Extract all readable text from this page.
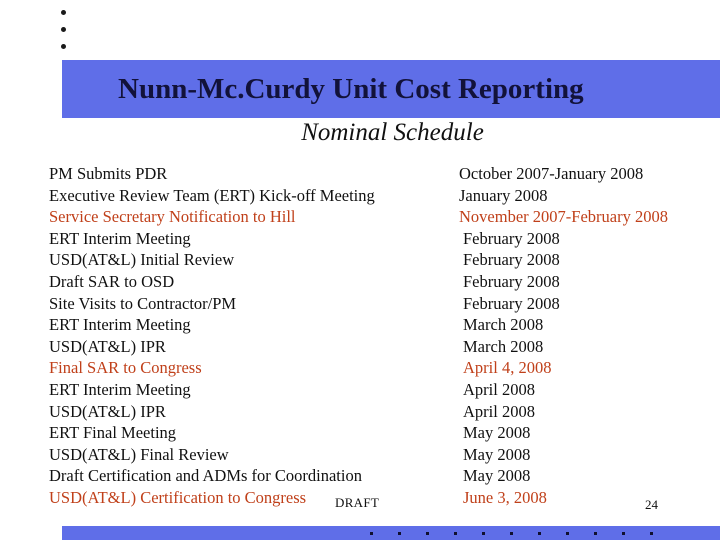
Nunn-Mc.Curdy Unit Cost Reporting
Nominal Schedule
PM Submits PDR
Executive Review Team (ERT) Kick-off Meeting
Service Secretary Notification to Hill
ERT Interim Meeting
USD(AT&L) Initial Review
Draft SAR to OSD
Site Visits to Contractor/PM
ERT Interim Meeting
USD(AT&L) IPR
Final SAR to Congress
ERT Interim Meeting
USD(AT&L) IPR
ERT Final Meeting
USD(AT&L) Final Review
Draft Certification and ADMs for Coordination
USD(AT&L) Certification to Congress
October 2007-January 2008
January 2008
November 2007-February 2008
February 2008
February 2008
February 2008
February 2008
March 2008
March 2008
April 4, 2008
April 2008
April 2008
May 2008
May 2008
May 2008
June 3, 2008
DRAFT	24
